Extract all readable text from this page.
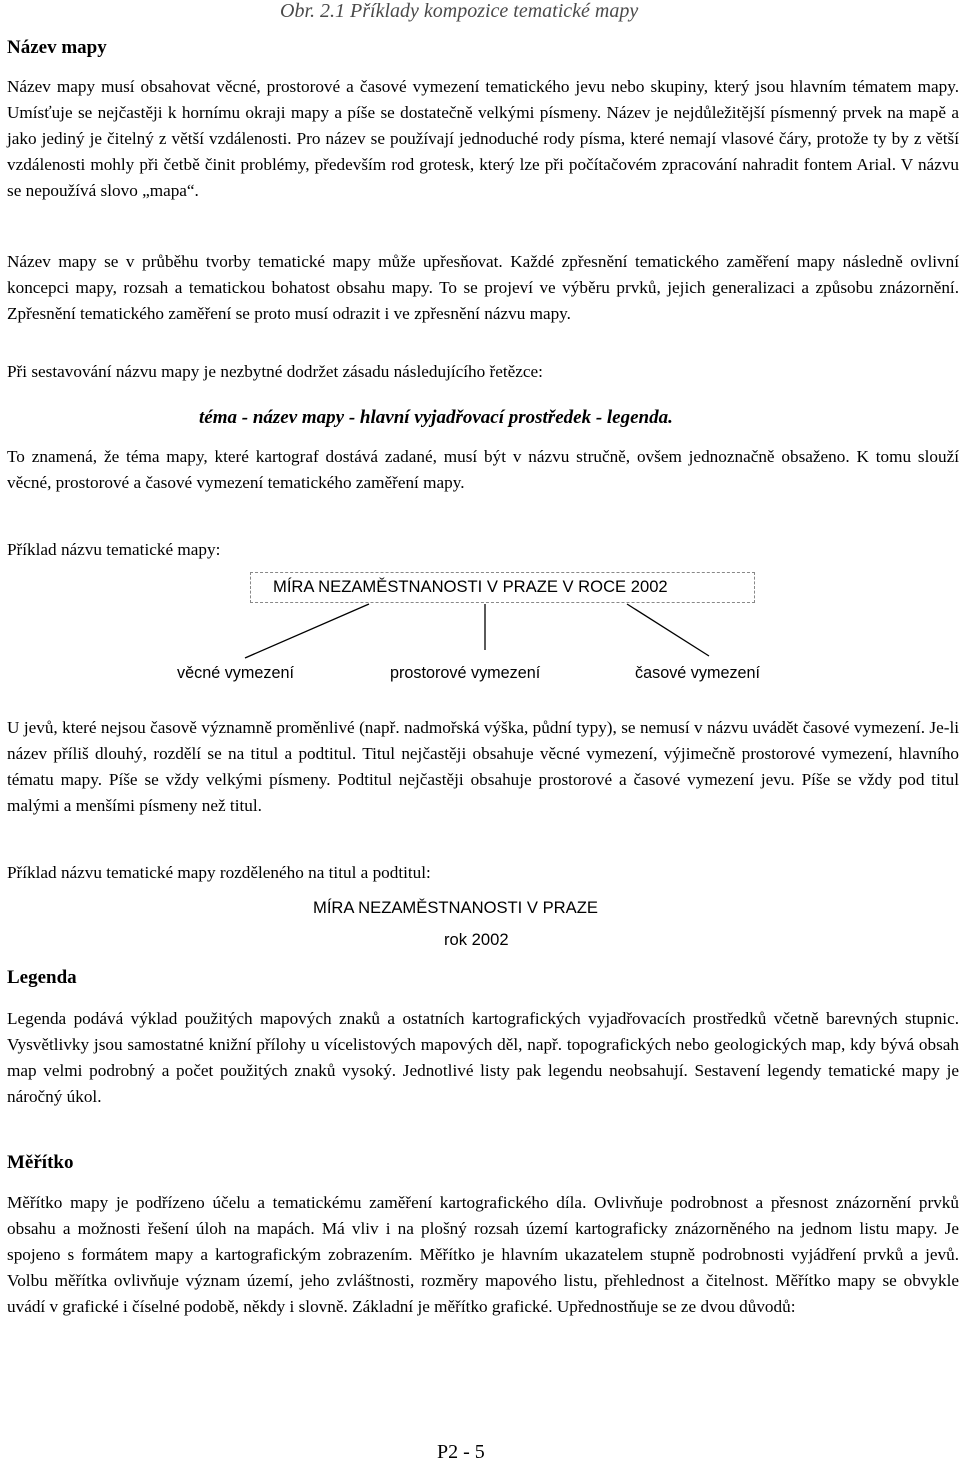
Obr. 2.1 Příklady kompozice tematické mapy
Název mapy

Název mapy musí obsahovat věcné, prostorové a časové vymezení tematického jevu nebo skupiny, který jsou hlavním tématem mapy. Umísťuje se nejčastěji k hornímu okraji mapy a píše se dostatečně velkými písmeny. Název je nejdůležitější písmenný prvek na mapě a jako jediný je čitelný z větší vzdálenosti. Pro název se používají jednoduché rody písma, které nemají vlasové čáry, protože ty by z větší vzdálenosti mohly při četbě činit problémy, především rod grotesk, který lze při počítačovém zpracování nahradit fontem Arial. V názvu se nepoužívá slovo „mapa“.

Název mapy se v průběhu tvorby tematické mapy může upřesňovat. Každé zpřesnění tematického zaměření mapy následně ovlivní koncepci mapy, rozsah a tematickou bohatost obsahu mapy. To se projeví ve výběru prvků, jejich generalizaci a způsobu znázornění. Zpřesnění tematického zaměření se proto musí odrazit i ve zpřesnění názvu mapy.

Při sestavování názvu mapy je nezbytné dodržet zásadu následujícího řetězce:

téma - název mapy - hlavní vyjadřovací prostředek - legenda.

To znamená, že téma mapy, které kartograf dostává zadané, musí být v názvu stručně, ovšem jednoznačně obsaženo. K tomu slouží věcné, prostorové a časové vymezení tematického zaměření mapy.

Příklad názvu tematické mapy:

MÍRA NEZAMĚSTNANOSTI V PRAZE V ROCE 2002
věcné vymezení	prostorové vymezení	časové vymezení

U jevů, které nejsou časově významně proměnlivé (např. nadmořská výška, půdní typy), se nemusí v názvu uvádět časové vymezení. Je-li název příliš dlouhý, rozdělí se na titul a podtitul. Titul nejčastěji obsahuje věcné vymezení, výjimečně prostorové vymezení, hlavního tématu mapy. Píše se vždy velkými písmeny. Podtitul nejčastěji obsahuje prostorové a časové vymezení jevu. Píše se vždy pod titul malými a menšími písmeny než titul.

Příklad názvu tematické mapy rozděleného na titul a podtitul:

MÍRA NEZAMĚSTNANOSTI V PRAZE
rok 2002
Legenda

Legenda podává výklad použitých mapových znaků a ostatních kartografických vyjadřovacích prostředků včetně barevných stupnic. Vysvětlivky jsou samostatné knižní přílohy u vícelistových mapových děl, např. topografických nebo geologických map, kdy bývá obsah map velmi podrobný a počet použitých znaků vysoký. Jednotlivé listy pak legendu neobsahují. Sestavení legendy tematické mapy je náročný úkol.

Měřítko

Měřítko mapy je podřízeno účelu a tematickému zaměření kartografického díla. Ovlivňuje podrobnost a přesnost znázornění prvků obsahu a možnosti řešení úloh na mapách. Má vliv i na plošný rozsah území kartograficky znázorněného na jednom listu mapy. Je spojeno s formátem mapy a kartografickým zobrazením. Měřítko je hlavním ukazatelem stupně podrobnosti vyjádření prvků a jevů. Volbu měřítka ovlivňuje význam území, jeho zvláštnosti, rozměry mapového listu, přehlednost a čitelnost. Měřítko mapy se obvykle uvádí v grafické i číselné podobě, někdy i slovně. Základní je měřítko grafické. Upřednostňuje se ze dvou důvodů:

P2 - 5
